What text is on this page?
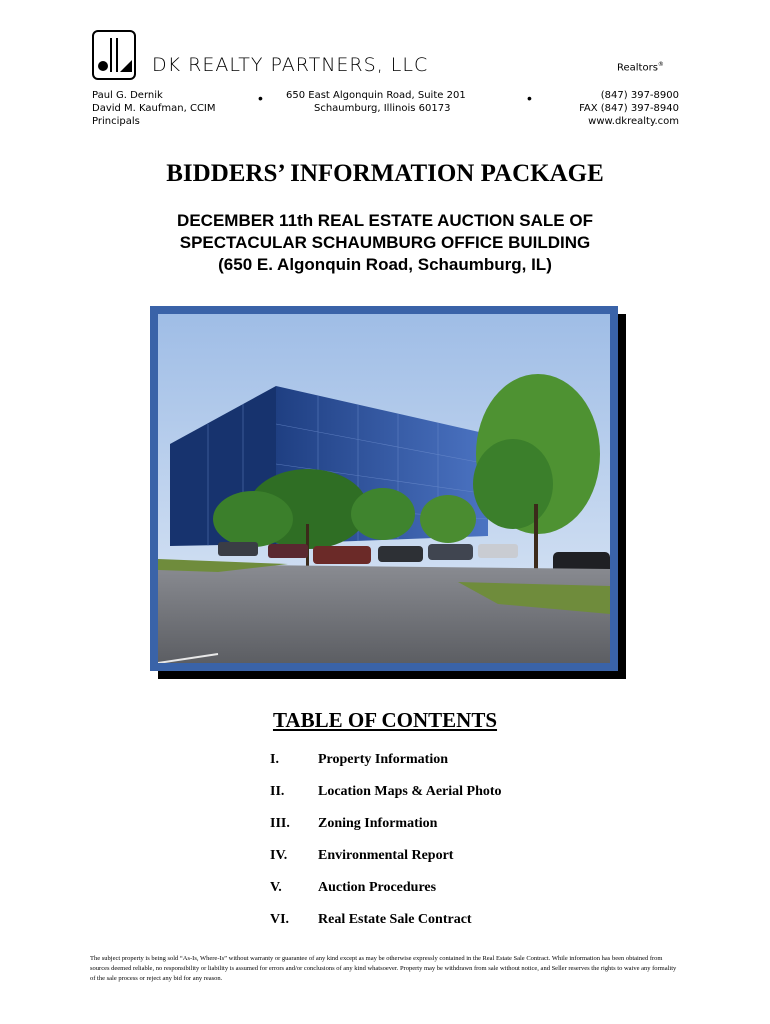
DK REALTY PARTNERS, LLC	Realtors®
Paul G. Dernik
David M. Kaufman, CCIM
Principals
• 650 East Algonquin Road, Suite 201
Schaumburg, Illinois 60173
•	(847) 397-8900
FAX (847) 397-8940
www.dkrealty.com
BIDDERS’ INFORMATION PACKAGE
DECEMBER 11th REAL ESTATE AUCTION SALE OF
SPECTACULAR SCHAUMBURG OFFICE BUILDING
(650 E. Algonquin Road, Schaumburg, IL)
TABLE OF CONTENTS
I.	Property Information
II. Location Maps & Aerial Photo
III. Zoning Information
IV. Environmental Report
V.	Auction Procedures
VI. Real Estate Sale Contract
The subject property is being sold “As-Is, Where-Is” without warranty or guarantee of any kind except as may be otherwise expressly contained in the Real Estate Sale Contract. While information has been obtained from sources deemed reliable, no responsibility or liability is assumed for errors and/or conclusions of any kind whatsoever. Property may be withdrawn from sale without notice, and Seller reserves the rights to waive any formality of the sale process or reject any bid for any reason.
